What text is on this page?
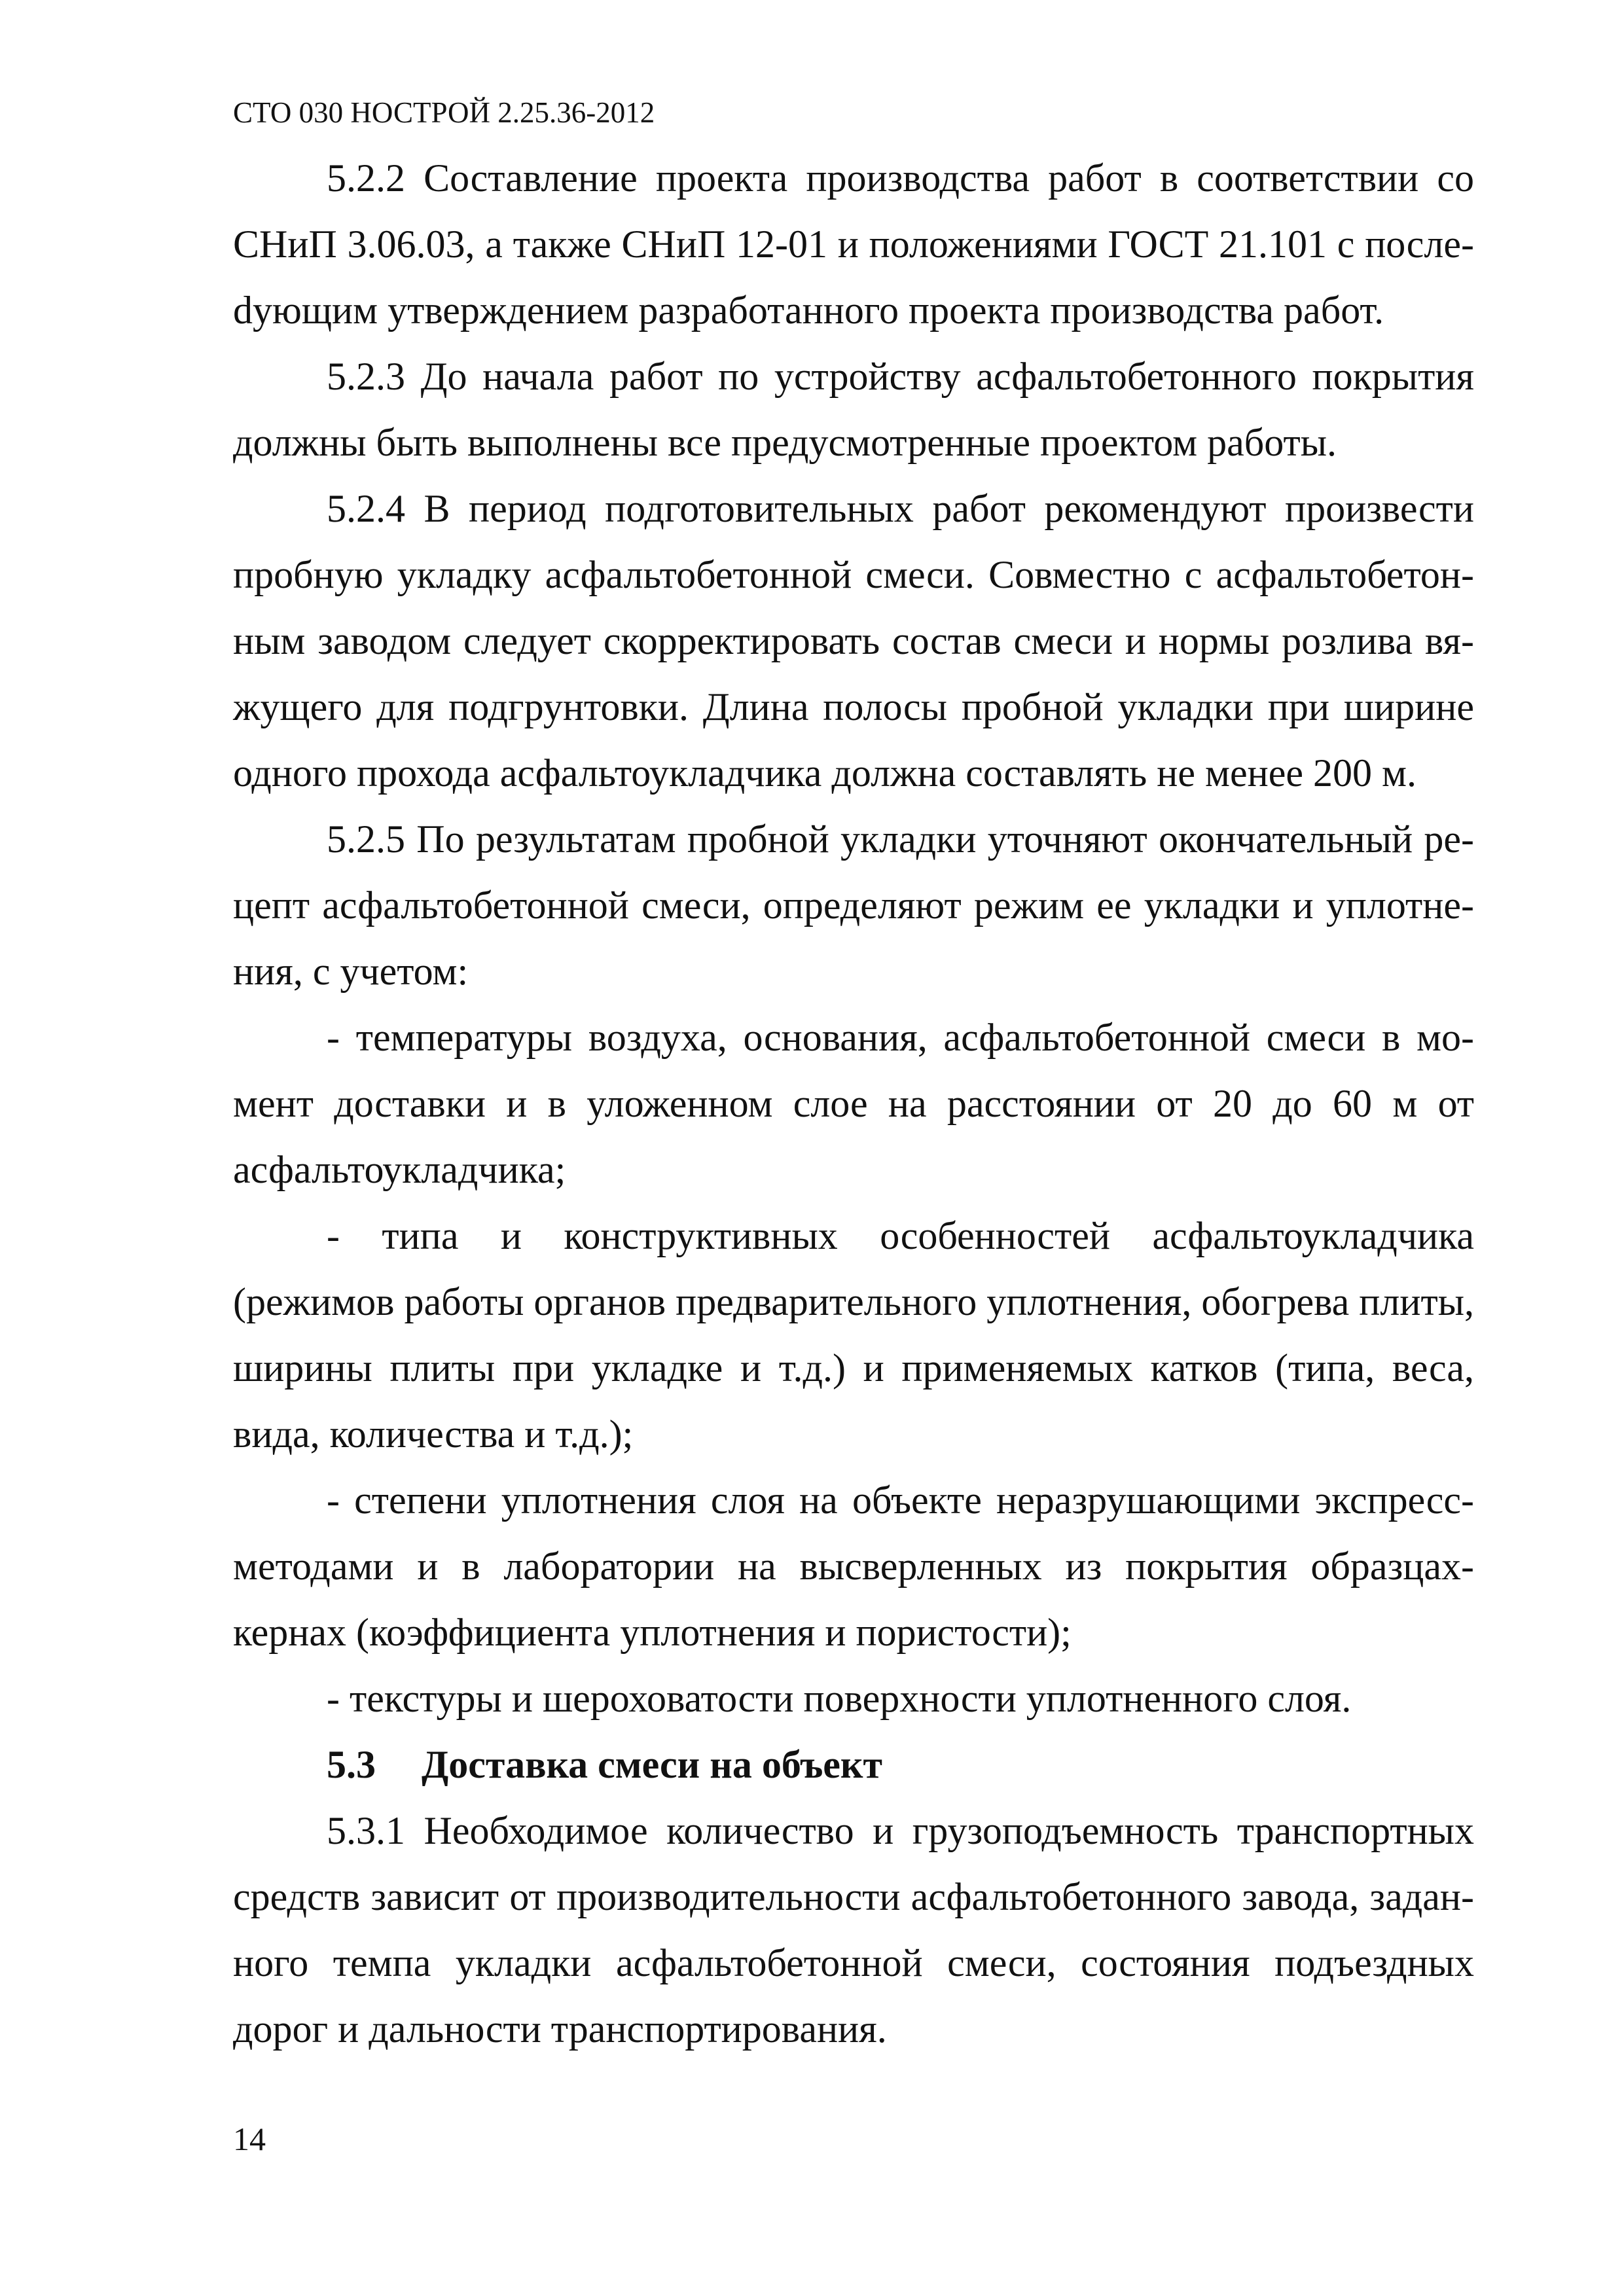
СТО 030 НОСТРОЙ 2.25.36-2012

5.2.2 Составление проекта производства работ в соответствии со СНиП 3.06.03, а также СНиП 12-01 и положениями ГОСТ 21.101 с послеdующим утверждением разработанного проекта производства работ.

5.2.3 До начала работ по устройству асфальтобетонного покрытия должны быть выполнены все предусмотренные проектом работы.

5.2.4 В период подготовительных работ рекомендуют произвести пробную укладку асфальтобетонной смеси. Совместно с асфальтобетонным заводом следует скорректировать состав смеси и нормы розлива вяжущего для подгрунтовки. Длина полосы пробной укладки при ширине одного прохода асфальтоукладчика должна составлять не менее 200 м.

5.2.5 По результатам пробной укладки уточняют окончательный рецепт асфальтобетонной смеси, определяют режим ее укладки и уплотнения, с учетом:

- температуры воздуха, основания, асфальтобетонной смеси в момент доставки и в уложенном слое на расстоянии от 20 до 60 м от асфальтоукладчика;

- типа и конструктивных особенностей асфальтоукладчика (режимов работы органов предварительного уплотнения, обогрева плиты, ширины плиты при укладке и т.д.) и применяемых катков (типа, веса, вида, количества и т.д.);

- степени уплотнения слоя на объекте неразрушающими экспресс-методами и в лаборатории на высверленных из покрытия образцах-кернах (коэффициента уплотнения и пористости);

- текстуры и шероховатости поверхности уплотненного слоя.

5.3 Доставка смеси на объект

5.3.1 Необходимое количество и грузоподъемность транспортных средств зависит от производительности асфальтобетонного завода, заданного темпа укладки асфальтобетонной смеси, состояния подъездных дорог и дальности транспортирования.

14
